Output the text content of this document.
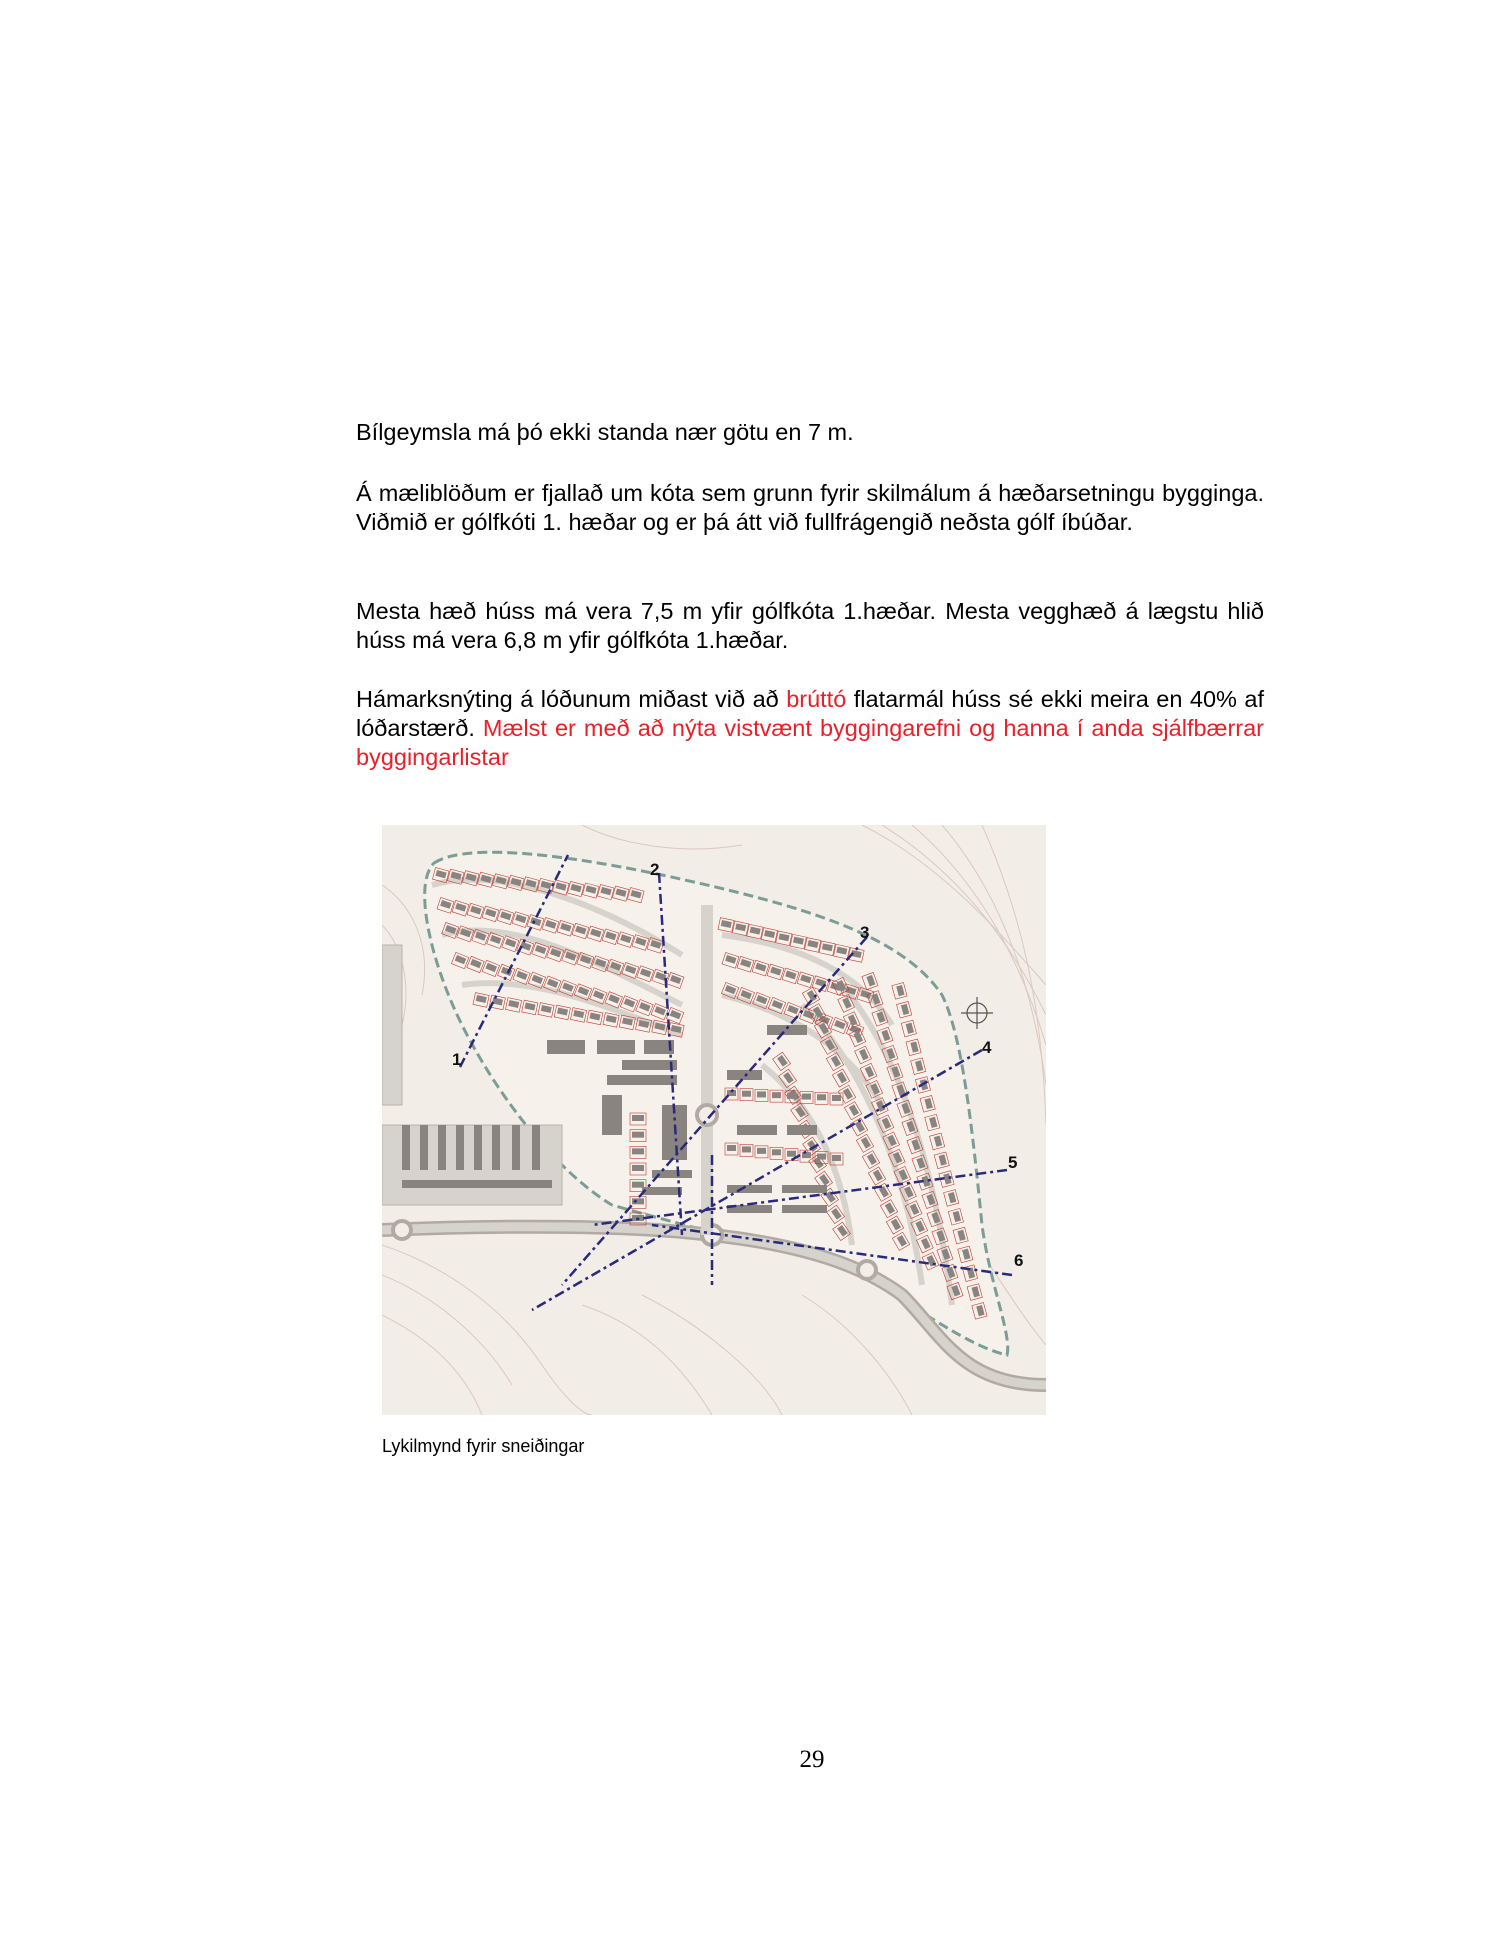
Bílgeymsla má þó ekki standa nær götu en 7 m.
Á mæliblöðum er fjallað um kóta sem grunn fyrir skilmálum á hæðarsetningu bygginga. Viðmið er gólfkóti 1. hæðar og er þá átt við fullfrágengið neðsta gólf íbúðar.
Mesta hæð húss má vera 7,5 m yfir gólfkóta 1.hæðar. Mesta vegghæð á lægstu hlið húss má vera 6,8 m yfir gólfkóta 1.hæðar.
Hámarksnýting á lóðunum miðast við að brúttó flatarmál húss sé ekki meira en 40% af lóðarstærð. Mælst er með að nýta vistvænt byggingarefni og hanna í anda sjálfbærrar byggingarlistar
1
2
3
4
5
6
Lykilmynd fyrir sneiðingar
29
